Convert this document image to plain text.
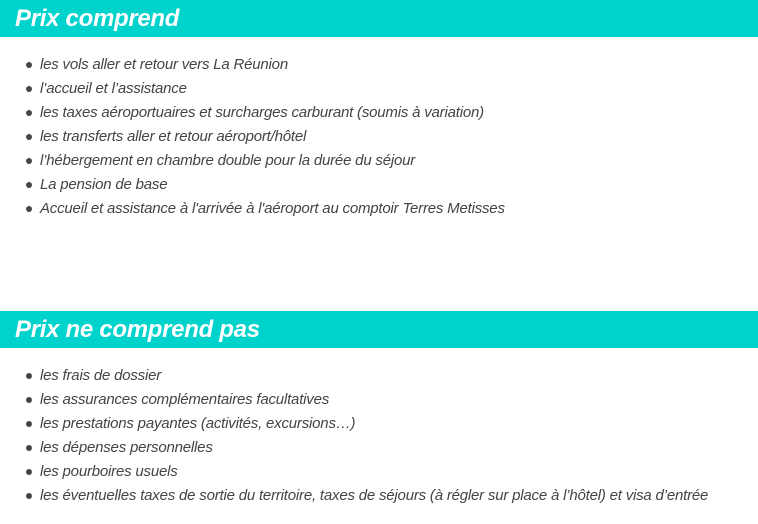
Prix comprend
les vols aller et retour vers La Réunion
l’accueil et l’assistance
les taxes aéroportuaires et surcharges carburant (soumis à variation)
les transferts aller et retour aéroport/hôtel
l’hébergement en chambre double pour la durée du séjour
La pension de base
Accueil et assistance à l'arrivée à l'aéroport au comptoir Terres Metisses
Prix ne comprend pas
les frais de dossier
les assurances complémentaires facultatives
les prestations payantes (activités, excursions…)
les dépenses personnelles
les pourboires usuels
les éventuelles taxes de sortie du territoire, taxes de séjours (à régler sur place à l’hôtel) et visa d’entrée
